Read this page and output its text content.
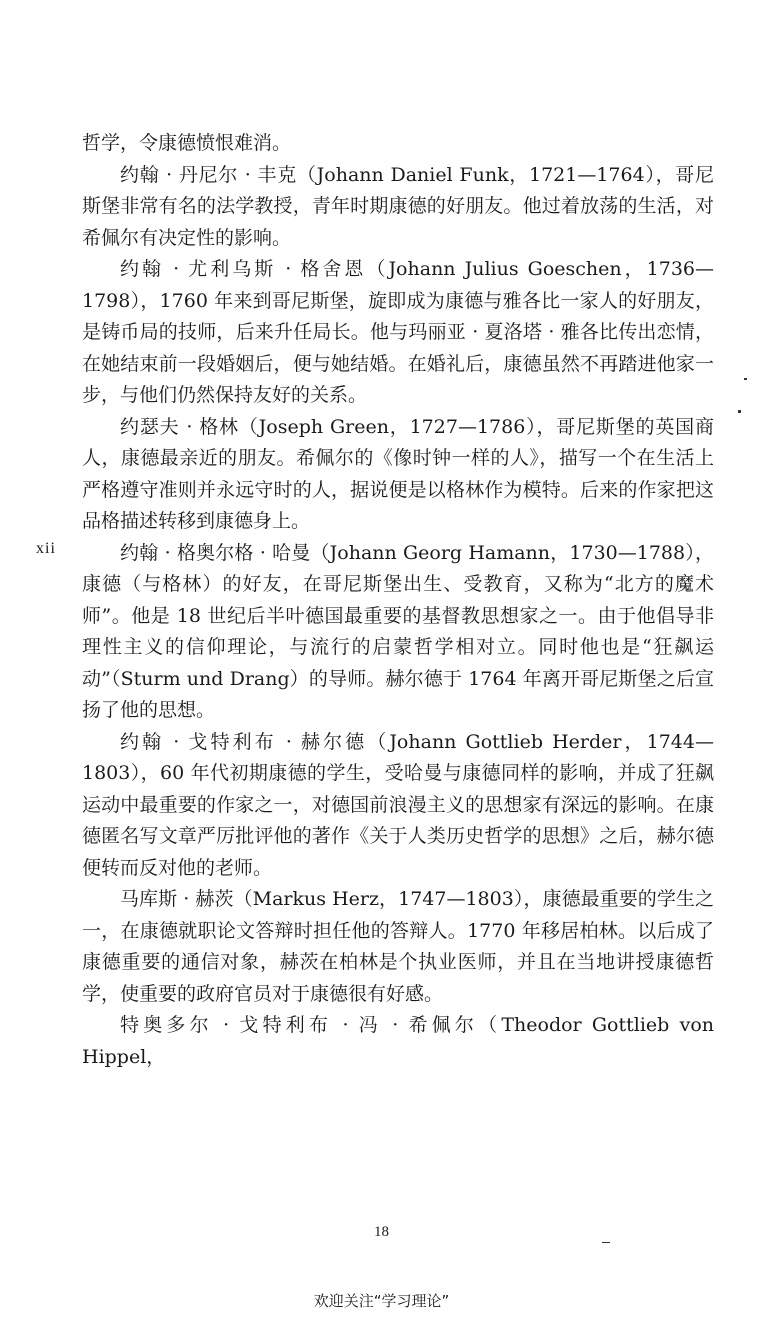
xii

哲学，令康德愤恨难消。

约翰 · 丹尼尔 · 丰克（Johann Daniel Funk，1721—1764），哥尼斯堡非常有名的法学教授，青年时期康德的好朋友。他过着放荡的生活，对希佩尔有决定性的影响。

约翰 · 尤利乌斯 · 格舍恩（Johann Julius Goeschen，1736—1798），1760 年来到哥尼斯堡，旋即成为康德与雅各比一家人的好朋友，是铸币局的技师，后来升任局长。他与玛丽亚 · 夏洛塔 · 雅各比传出恋情，在她结束前一段婚姻后，便与她结婚。在婚礼后，康德虽然不再踏进他家一步，与他们仍然保持友好的关系。

约瑟夫 · 格林（Joseph Green，1727—1786），哥尼斯堡的英国商人，康德最亲近的朋友。希佩尔的《像时钟一样的人》，描写一个在生活上严格遵守准则并永远守时的人，据说便是以格林作为模特。后来的作家把这品格描述转移到康德身上。

约翰 · 格奥尔格 · 哈曼（Johann Georg Hamann，1730—1788），康德（与格林）的好友，在哥尼斯堡出生、受教育，又称为“北方的魔术师”。他是 18 世纪后半叶德国最重要的基督教思想家之一。由于他倡导非理性主义的信仰理论，与流行的启蒙哲学相对立。同时他也是“狂飙运动”（Sturm und Drang）的导师。赫尔德于 1764 年离开哥尼斯堡之后宣扬了他的思想。

约翰 · 戈特利布 · 赫尔德（Johann Gottlieb Herder，1744—1803），60 年代初期康德的学生，受哈曼与康德同样的影响，并成了狂飙运动中最重要的作家之一，对德国前浪漫主义的思想家有深远的影响。在康德匿名写文章严厉批评他的著作《关于人类历史哲学的思想》之后，赫尔德便转而反对他的老师。

马库斯 · 赫茨（Markus Herz，1747—1803），康德最重要的学生之一，在康德就职论文答辩时担任他的答辩人。1770 年移居柏林。以后成了康德重要的通信对象，赫茨在柏林是个执业医师，并且在当地讲授康德哲学，使重要的政府官员对于康德很有好感。

特奥多尔 · 戈特利布 · 冯 · 希佩尔（Theodor Gottlieb von Hippel，

18
欢迎关注“学习理论”
